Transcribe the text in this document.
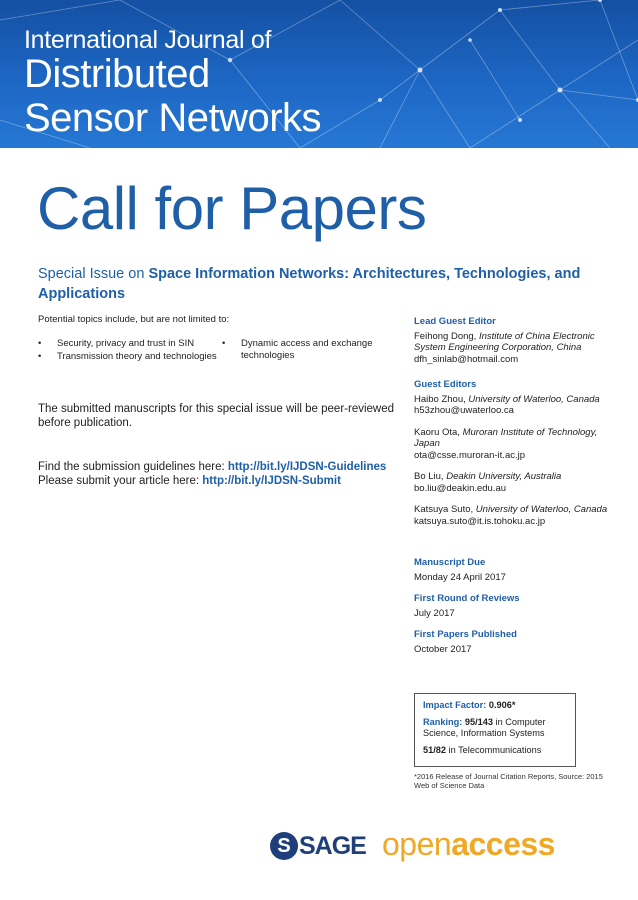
International Journal of
Distributed
Sensor Networks
Call for Papers
Special Issue on Space Information Networks: Architectures, Technologies, and Applications
Potential topics include, but are not limited to:
• Security, privacy and trust in SIN
• Transmission theory and technologies
• Dynamic access and exchange technologies
The submitted manuscripts for this special issue will be peer-reviewed before publication.
Find the submission guidelines here: http://bit.ly/IJDSN-Guidelines
Please submit your article here: http://bit.ly/IJDSN-Submit
Lead Guest Editor
Feihong Dong, Institute of China Electronic System Engineering Corporation, China
dfh_sinlab@hotmail.com
Guest Editors
Haibo Zhou, University of Waterloo, Canada
h53zhou@uwaterloo.ca
Kaoru Ota, Muroran Institute of Technology, Japan
ota@csse.muroran-it.ac.jp
Bo Liu, Deakin University, Australia
bo.liu@deakin.edu.au
Katsuya Suto, University of Waterloo, Canada
katsuya.suto@it.is.tohoku.ac.jp
Manuscript Due
Monday 24 April 2017
First Round of Reviews
July 2017
First Papers Published
October 2017
Impact Factor: 0.906*
Ranking: 95/143 in Computer Science, Information Systems
51/82 in Telecommunications
*2016 Release of Journal Citation Reports, Source: 2015 Web of Science Data
S SAGE openaccess
